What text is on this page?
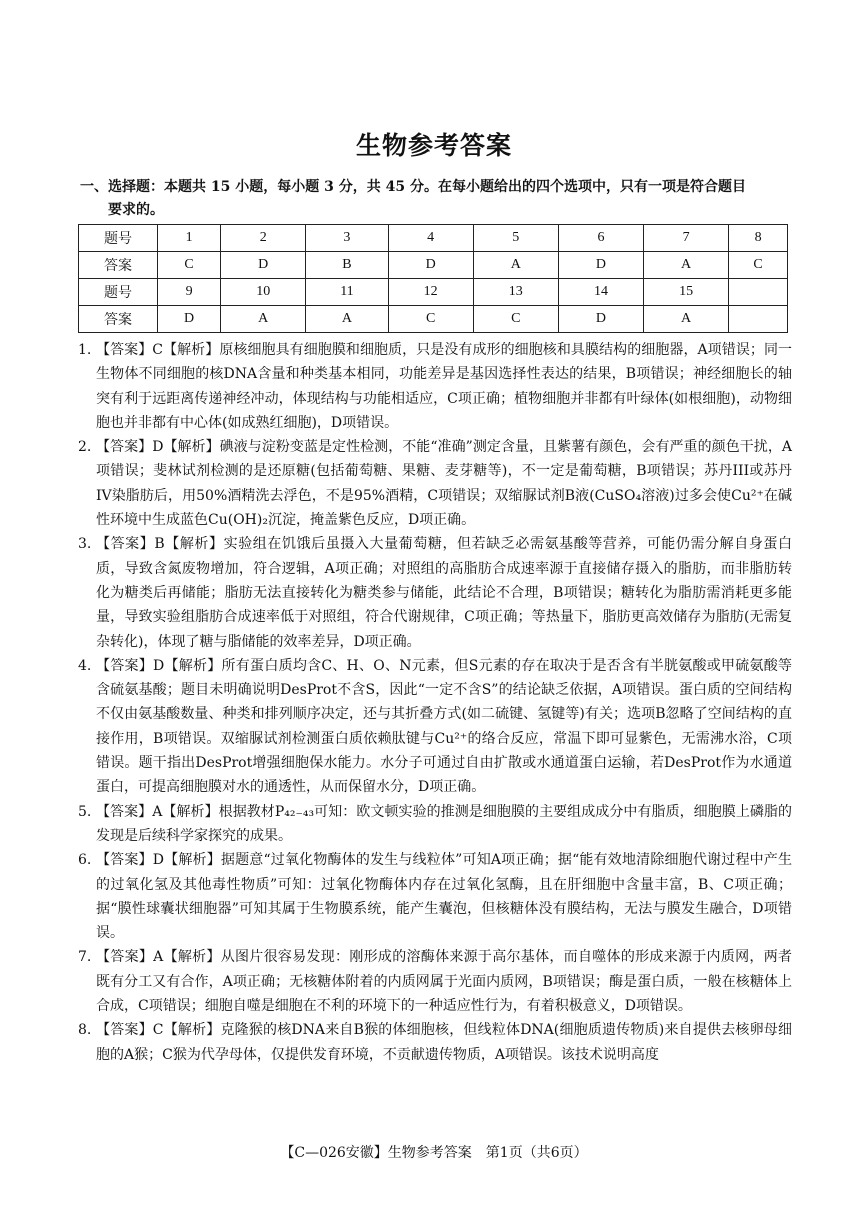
生物参考答案
一、选择题：本题共 15 小题，每小题 3 分，共 45 分。在每小题给出的四个选项中，只有一项是符合题目
要求的。
题号	1	2	3	4	5	6	7	8
答案	C	D	B	D	A	D	A	C
题号	9	10	11	12	13	14	15	
答案	D	A	A	C	C	D	A	

1. 【答案】C【解析】原核细胞具有细胞膜和细胞质，只是没有成形的细胞核和具膜结构的细胞器，A项错误；同一生物体不同细胞的核DNA含量和种类基本相同，功能差异是基因选择性表达的结果，B项错误；神经细胞长的轴突有利于远距离传递神经冲动，体现结构与功能相适应，C项正确；植物细胞并非都有叶绿体(如根细胞)，动物细胞也并非都有中心体(如成熟红细胞)，D项错误。

2. 【答案】D【解析】碘液与淀粉变蓝是定性检测，不能“准确”测定含量，且紫薯有颜色，会有严重的颜色干扰，A项错误；斐林试剂检测的是还原糖(包括葡萄糖、果糖、麦芽糖等)，不一定是葡萄糖，B项错误；苏丹III或苏丹IV染脂肪后，用50%酒精洗去浮色，不是95%酒精，C项错误；双缩脲试剂B液(CuSO₄溶液)过多会使Cu²⁺在碱性环境中生成蓝色Cu(OH)₂沉淀，掩盖紫色反应，D项正确。

3. 【答案】B【解析】实验组在饥饿后虽摄入大量葡萄糖，但若缺乏必需氨基酸等营养，可能仍需分解自身蛋白质，导致含氮废物增加，符合逻辑，A项正确；对照组的高脂肪合成速率源于直接储存摄入的脂肪，而非脂肪转化为糖类后再储能；脂肪无法直接转化为糖类参与储能，此结论不合理，B项错误；糖转化为脂肪需消耗更多能量，导致实验组脂肪合成速率低于对照组，符合代谢规律，C项正确；等热量下，脂肪更高效储存为脂肪(无需复杂转化)，体现了糖与脂储能的效率差异，D项正确。

4. 【答案】D【解析】所有蛋白质均含C、H、O、N元素，但S元素的存在取决于是否含有半胱氨酸或甲硫氨酸等含硫氨基酸；题目未明确说明DesProt不含S，因此“一定不含S”的结论缺乏依据，A项错误。蛋白质的空间结构不仅由氨基酸数量、种类和排列顺序决定，还与其折叠方式(如二硫键、氢键等)有关；选项B忽略了空间结构的直接作用，B项错误。双缩脲试剂检测蛋白质依赖肽键与Cu²⁺的络合反应，常温下即可显紫色，无需沸水浴，C项错误。题干指出DesProt增强细胞保水能力。水分子可通过自由扩散或水通道蛋白运输，若DesProt作为水通道蛋白，可提高细胞膜对水的通透性，从而保留水分，D项正确。

5. 【答案】A【解析】根据教材P₄₂₋₄₃可知：欧文顿实验的推测是细胞膜的主要组成成分中有脂质，细胞膜上磷脂的发现是后续科学家探究的成果。

6. 【答案】D【解析】据题意“过氧化物酶体的发生与线粒体”可知A项正确；据“能有效地清除细胞代谢过程中产生的过氧化氢及其他毒性物质”可知：过氧化物酶体内存在过氧化氢酶，且在肝细胞中含量丰富，B、C项正确；据“膜性球囊状细胞器”可知其属于生物膜系统，能产生囊泡，但核糖体没有膜结构，无法与膜发生融合，D项错误。

7. 【答案】A【解析】从图片很容易发现：刚形成的溶酶体来源于高尔基体，而自噬体的形成来源于内质网，两者既有分工又有合作，A项正确；无核糖体附着的内质网属于光面内质网，B项错误；酶是蛋白质，一般在核糖体上合成，C项错误；细胞自噬是细胞在不利的环境下的一种适应性行为，有着积极意义，D项错误。

8. 【答案】C【解析】克隆猴的核DNA来自B猴的体细胞核，但线粒体DNA(细胞质遗传物质)来自提供去核卵母细胞的A猴；C猴为代孕母体，仅提供发育环境，不贡献遗传物质，A项错误。该技术说明高度

【C—026安徽】生物参考答案　第1页（共6页）
